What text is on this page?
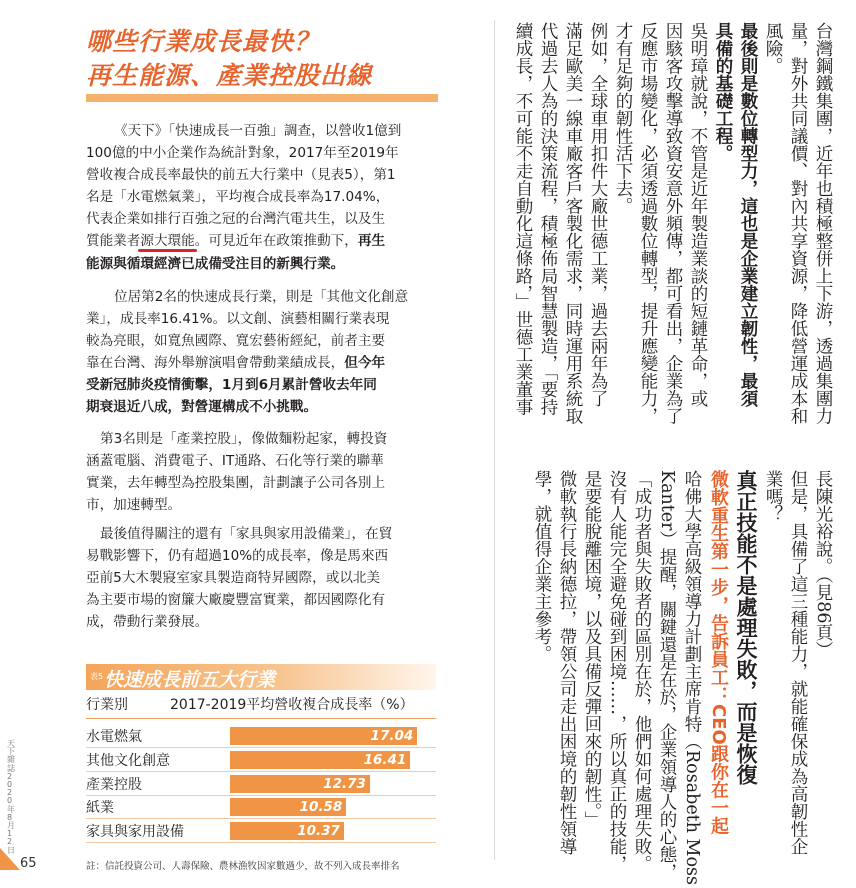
哪些行業成長最快？
再生能源、產業控股出線
《天下》「快速成長一百強」調查，以營收1億到
100億的中小企業作為統計對象，2017年至2019年
營收複合成長率最快的前五大行業中（見表5），第1
名是「水電燃氣業」，平均複合成長率為17.04%，
代表企業如排行百強之冠的台灣汽電共生，以及生
質能業者源大環能。可見近年在政策推動下，再生
能源與循環經濟已成備受注目的新興行業。
位居第2名的快速成長行業，則是「其他文化創意
業」，成長率16.41%。以文創、演藝相關行業表現
較為亮眼，如寬魚國際、寬宏藝術經紀，前者主要
靠在台灣、海外舉辦演唱會帶動業績成長，但今年
受新冠肺炎疫情衝擊，1月到6月累計營收去年同
期衰退近八成，對營運構成不小挑戰。
第3名則是「產業控股」，像做麵粉起家，轉投資
涵蓋電腦、消費電子、IT通路、石化等行業的聯華
實業，去年轉型為控股集團，計劃讓子公司各別上
市，加速轉型。
最後值得關注的還有「家具與家用設備業」，在貿
易戰影響下，仍有超過10%的成長率，像是馬來西
亞前5大木製寢室家具製造商特昇國際，或以北美
為主要市場的窗簾大廠慶豐富實業，都因國際化有
成，帶動行業發展。
表5 快速成長前五大行業
行業別	2017-2019平均營收複合成長率（%）
水電燃氣	17.04
其他文化創意	16.41
產業控股	12.73
紙業	10.58
家具與家用設備	10.37
註：信託投資公司、人壽保險、農林漁牧因家數過少，故不列入成長率排名
天下雜誌 2020年8月12日
65
台灣鋼鐵集團，近年也積極整併上下游，透過集團力
量，對外共同議價、對內共享資源，降低營運成本和
風險。
最後則是數位轉型力，這也是企業建立韌性，最須
具備的基礎工程。
吳明璋就說，不管是近年製造業談的短鏈革命，或
因駭客攻擊導致資安意外頻傳，都可看出，企業為了
反應市場變化，必須透過數位轉型，提升應變能力，
才有足夠的韌性活下去。
例如，全球車用扣件大廠世德工業，過去兩年為了
滿足歐美一線車廠客戶客製化需求，同時運用系統取
代過去人為的決策流程，積極佈局智慧製造，「要持
續成長，不可能不走自動化這條路，」世德工業董事
長陳光裕說。（見86頁）
但是，具備了這三種能力，就能確保成為高韌性企
業嗎？
真正技能不是處理失敗，而是恢復
微軟重生第一步，告訴員工：CEO跟你在一起
哈佛大學高級領導力計劃主席肯特（Rosabeth Moss
Kanter）提醒，關鍵還是在於，企業領導人的心態，
「成功者與失敗者的區別在於，他們如何處理失敗。
沒有人能完全避免碰到困境……，所以真正的技能，
是要能脫離困境，以及具備反彈回來的韌性。」
微軟執行長納德拉，帶領公司走出困境的韌性領導
學，就值得企業主參考。
